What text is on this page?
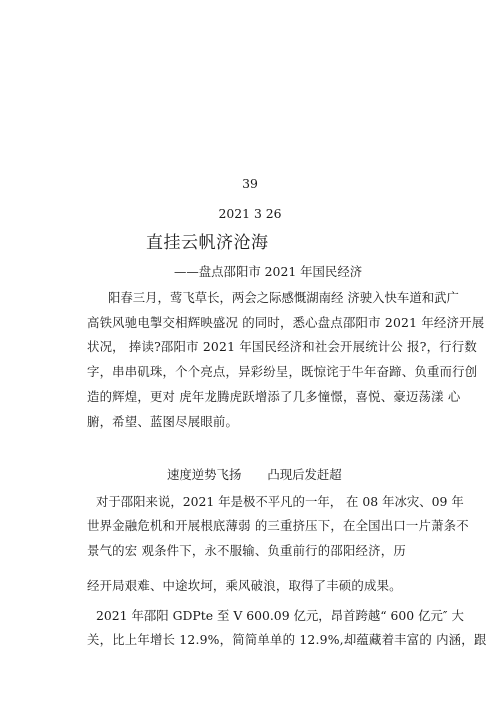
39
2021 3 26
直挂云帆济沧海
——盘点邵阳市 2021 年国民经济
阳春三月，莺飞草长，两会之际感慨湖南经 济驶入快车道和武广
高铁风驰电掣交相辉映盛况 的同时，悉心盘点邵阳市 2021 年经济开展
状况， 捧读?邵阳市 2021 年国民经济和社会开展统计公 报?，行行数
字，串串矶珠，个个亮点，异彩纷呈，既惊诧于牛年奋蹄、负重而行创
造的辉煌，更对 虎年龙腾虎跃增添了几多憧憬，喜悦、豪迈荡漾 心
腑，希望、蓝图尽展眼前。
速度逆势飞扬 凸现后发赶超
对于邵阳来说，2021 年是极不平凡的一年， 在 08 年冰灾、09 年
世界金融危机和开展根底薄弱 的三重挤压下，在全国出口一片萧条不
景气的宏 观条件下，永不服输、负重前行的邵阳经济，历
经开局艰难、中途坎坷，乘风破浪，取得了丰硕的成果。
2021 年邵阳 GDPte 至 V 600.09 亿元，昂首跨越“ 600 亿元″ 大
关，比上年增长 12.9%，简简单单的 12.9%,却蕴藏着丰富的 内涵，跟
